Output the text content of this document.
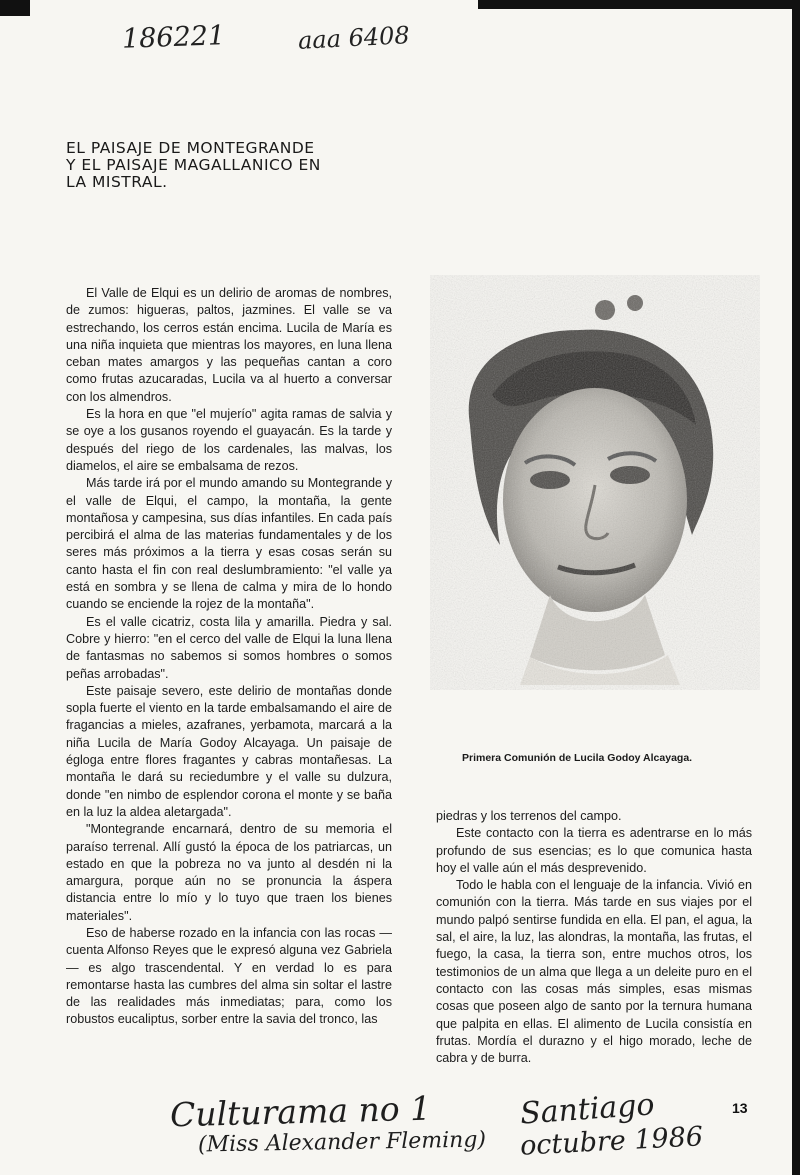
186221	aaa 6408
EL PAISAJE DE MONTEGRANDE
Y EL PAISAJE MAGALLANICO EN
LA MISTRAL.

El Valle de Elqui es un delirio de aromas de nombres, de zumos: higueras, paltos, jazmines. El valle se va estrechando, los cerros están encima. Lucila de María es una niña inquieta que mientras los mayores, en luna llena ceban mates amargos y las pequeñas cantan a coro como frutas azucaradas, Lucila va al huerto a conversar con los almendros.

Es la hora en que "el mujerío" agita ramas de salvia y se oye a los gusanos royendo el guayacán. Es la tarde y después del riego de los cardenales, las malvas, los diamelos, el aire se embalsama de rezos.

Más tarde irá por el mundo amando su Montegrande y el valle de Elqui, el campo, la montaña, la gente montañosa y campesina, sus días infantiles. En cada país percibirá el alma de las materias fundamentales y de los seres más próximos a la tierra y esas cosas serán su canto hasta el fin con real deslumbramiento: "el valle ya está en sombra y se llena de calma y mira de lo hondo cuando se enciende la rojez de la montaña".

Es el valle cicatriz, costa lila y amarilla. Piedra y sal. Cobre y hierro: "en el cerco del valle de Elqui la luna llena de fantasmas no sabemos si somos hombres o somos peñas arrobadas".

Este paisaje severo, este delirio de montañas donde sopla fuerte el viento en la tarde embalsamando el aire de fragancias a mieles, azafranes, yerbamota, marcará a la niña Lucila de María Godoy Alcayaga. Un paisaje de égloga entre flores fragantes y cabras montañesas. La montaña le dará su reciedumbre y el valle su dulzura, donde "en nimbo de esplendor corona el monte y se baña en la luz la aldea aletargada".

"Montegrande encarnará, dentro de su memoria el paraíso terrenal. Allí gustó la época de los patriarcas, un estado en que la pobreza no va junto al desdén ni la amargura, porque aún no se pronuncia la áspera distancia entre lo mío y lo tuyo que traen los bienes materiales".

Eso de haberse rozado en la infancia con las rocas —cuenta Alfonso Reyes que le expresó alguna vez Gabriela— es algo trascendental. Y en verdad lo es para remontarse hasta las cumbres del alma sin soltar el lastre de las realidades más inmediatas; para, como los robustos eucaliptus, sorber entre la savia del tronco, las

Primera Comunión de Lucila Godoy Alcayaga.

piedras y los terrenos del campo.

Este contacto con la tierra es adentrarse en lo más profundo de sus esencias; es lo que comunica hasta hoy el valle aún el más desprevenido.

Todo le habla con el lenguaje de la infancia. Vivió en comunión con la tierra. Más tarde en sus viajes por el mundo palpó sentirse fundida en ella. El pan, el agua, la sal, el aire, la luz, las alondras, la montaña, las frutas, el fuego, la casa, la tierra son, entre muchos otros, los testimonios de un alma que llega a un deleite puro en el contacto con las cosas más simples, esas mismas cosas que poseen algo de santo por la ternura humana que palpita en ellas. El alimento de Lucila consistía en frutas. Mordía el durazno y el higo morado, leche de cabra y de burra.

13
Culturama no 1
(Miss Alexander Fleming)
Santiago
octubre 1986
